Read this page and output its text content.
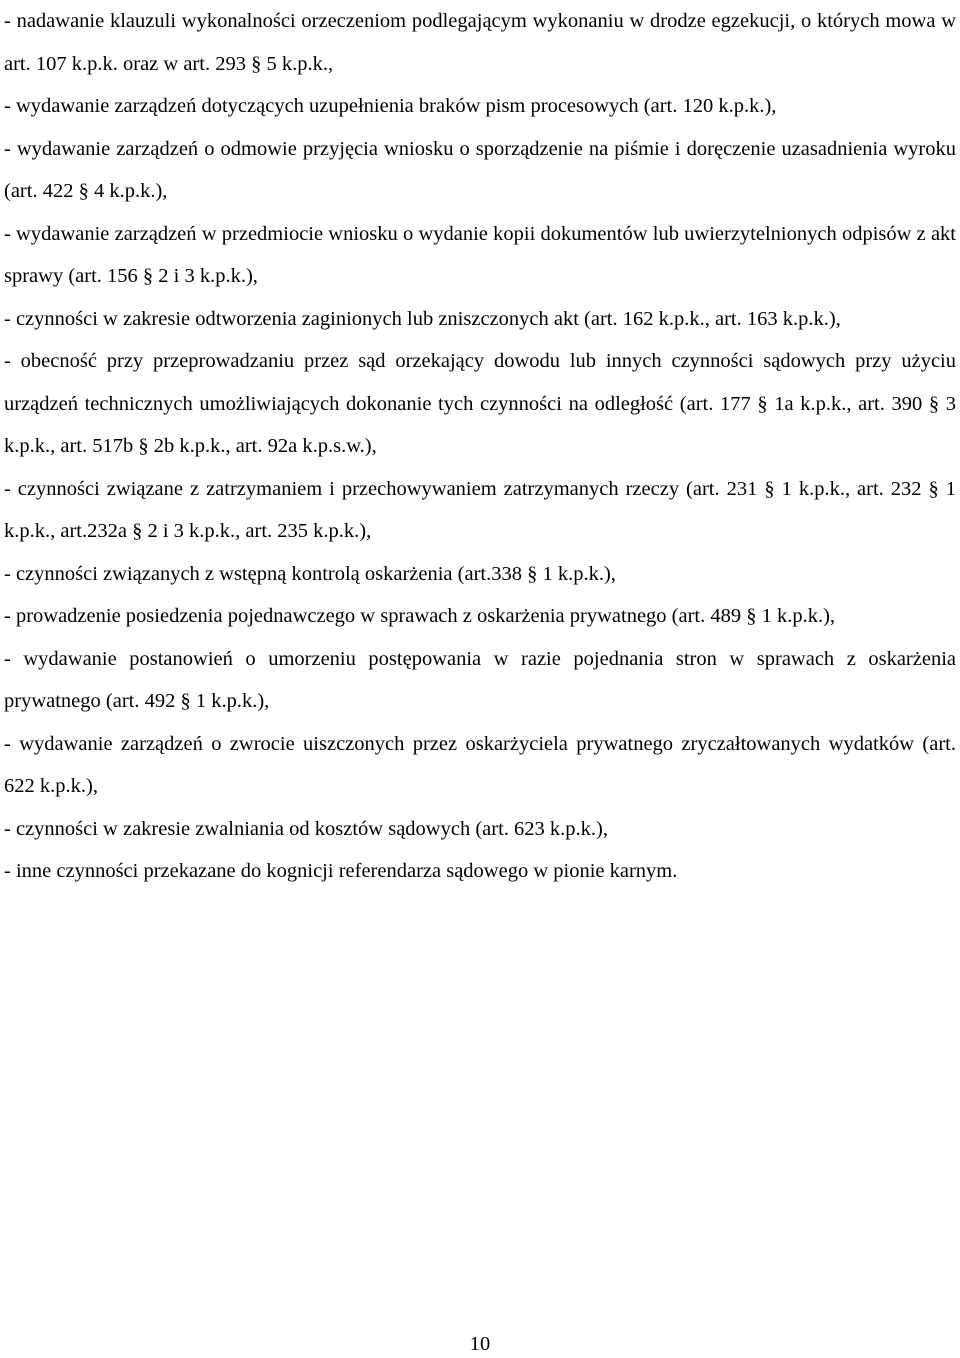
- nadawanie klauzuli wykonalności orzeczeniom podlegającym wykonaniu w drodze egzekucji, o których mowa w art. 107 k.p.k. oraz w art. 293 § 5 k.p.k.,

- wydawanie zarządzeń dotyczących uzupełnienia braków pism procesowych (art. 120 k.p.k.),

- wydawanie zarządzeń o odmowie przyjęcia wniosku o sporządzenie na piśmie i doręczenie uzasadnienia wyroku (art. 422 § 4 k.p.k.),

- wydawanie zarządzeń w przedmiocie wniosku o wydanie kopii dokumentów lub uwierzytelnionych odpisów z akt sprawy (art. 156 § 2 i 3 k.p.k.),

- czynności w zakresie odtworzenia zaginionych lub zniszczonych akt (art. 162 k.p.k., art. 163 k.p.k.),

- obecność przy przeprowadzaniu przez sąd orzekający dowodu lub innych czynności sądowych przy użyciu urządzeń technicznych umożliwiających dokonanie tych czynności na odległość (art. 177 § 1a k.p.k., art. 390 § 3 k.p.k., art. 517b § 2b k.p.k., art. 92a k.p.s.w.),

- czynności związane z zatrzymaniem i przechowywaniem zatrzymanych rzeczy (art. 231 § 1 k.p.k., art. 232 § 1 k.p.k., art.232a § 2 i 3 k.p.k., art. 235 k.p.k.),

- czynności związanych z wstępną kontrolą oskarżenia (art.338 § 1 k.p.k.),

- prowadzenie posiedzenia pojednawczego w sprawach z oskarżenia prywatnego (art. 489 § 1 k.p.k.),

- wydawanie postanowień o umorzeniu postępowania w razie pojednania stron w sprawach z oskarżenia prywatnego (art. 492 § 1 k.p.k.),

- wydawanie zarządzeń o zwrocie uiszczonych przez oskarżyciela prywatnego zryczałtowanych wydatków (art. 622 k.p.k.),

- czynności w zakresie zwalniania od kosztów sądowych (art. 623 k.p.k.),

- inne czynności przekazane do kognicji referendarza sądowego w pionie karnym.

10
